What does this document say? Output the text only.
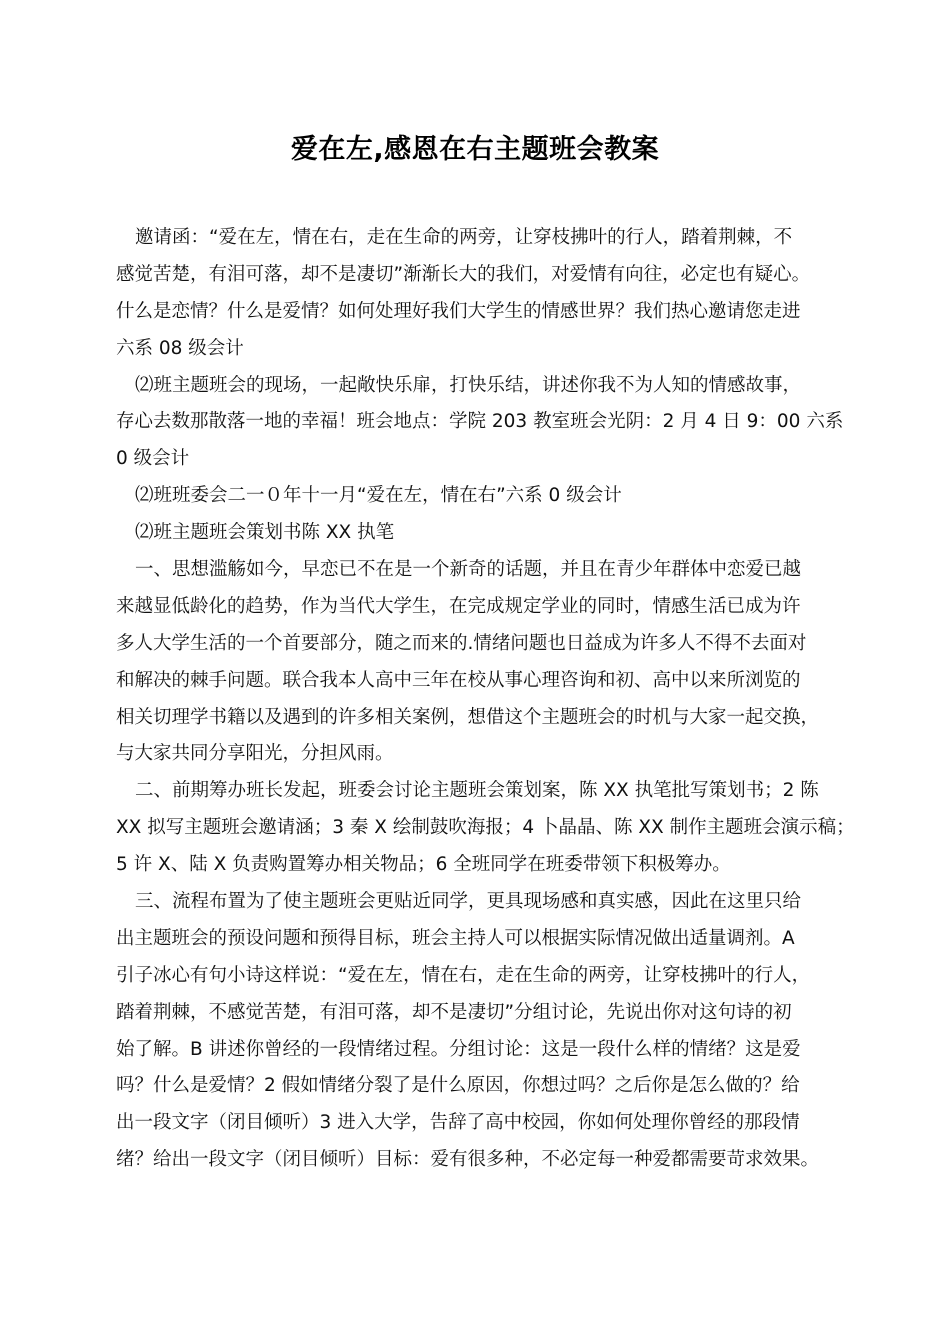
爱在左,感恩在右主题班会教案
邀请函：“爱在左，情在右，走在生命的两旁，让穿枝拂叶的行人，踏着荆棘，不
感觉苦楚，有泪可落，却不是凄切”渐渐长大的我们，对爱情有向往，必定也有疑心。
什么是恋情？什么是爱情？如何处理好我们大学生的情感世界？我们热心邀请您走进
六系 08 级会计
⑵班主题班会的现场，一起敞快乐扉，打快乐结，讲述你我不为人知的情感故事，
存心去数那散落一地的幸福！班会地点：学院 203 教室班会光阴：2 月 4 日 9：00 六系
0 级会计
⑵班班委会二一０年十一月“爱在左，情在右”六系 0 级会计
⑵班主题班会策划书陈 XX 执笔
一、思想滥觞如今，早恋已不在是一个新奇的话题，并且在青少年群体中恋爱已越
来越显低龄化的趋势，作为当代大学生，在完成规定学业的同时，情感生活已成为许
多人大学生活的一个首要部分，随之而来的.情绪问题也日益成为许多人不得不去面对
和解决的棘手问题。联合我本人高中三年在校从事心理咨询和初、高中以来所浏览的
相关切理学书籍以及遇到的许多相关案例，想借这个主题班会的时机与大家一起交换，
与大家共同分享阳光，分担风雨。
二、前期筹办班长发起，班委会讨论主题班会策划案，陈 XX 执笔批写策划书；2 陈
XX 拟写主题班会邀请涵；3 秦 X 绘制鼓吹海报；4 卜晶晶、陈 XX 制作主题班会演示稿；
5 许 X、陆 X 负责购置筹办相关物品；6 全班同学在班委带领下积极筹办。
三、流程布置为了使主题班会更贴近同学，更具现场感和真实感，因此在这里只给
出主题班会的预设问题和预得目标，班会主持人可以根据实际情况做出适量调剂。A
引子冰心有句小诗这样说：“爱在左，情在右，走在生命的两旁，让穿枝拂叶的行人，
踏着荆棘，不感觉苦楚，有泪可落，却不是凄切”分组讨论，先说出你对这句诗的初
始了解。B 讲述你曾经的一段情绪过程。分组讨论：这是一段什么样的情绪？这是爱
吗？什么是爱情？2 假如情绪分裂了是什么原因，你想过吗？之后你是怎么做的？给
出一段文字（闭目倾听）3 进入大学，告辞了高中校园，你如何处理你曾经的那段情
绪？给出一段文字（闭目倾听）目标：爱有很多种，不必定每一种爱都需要苛求效果。
